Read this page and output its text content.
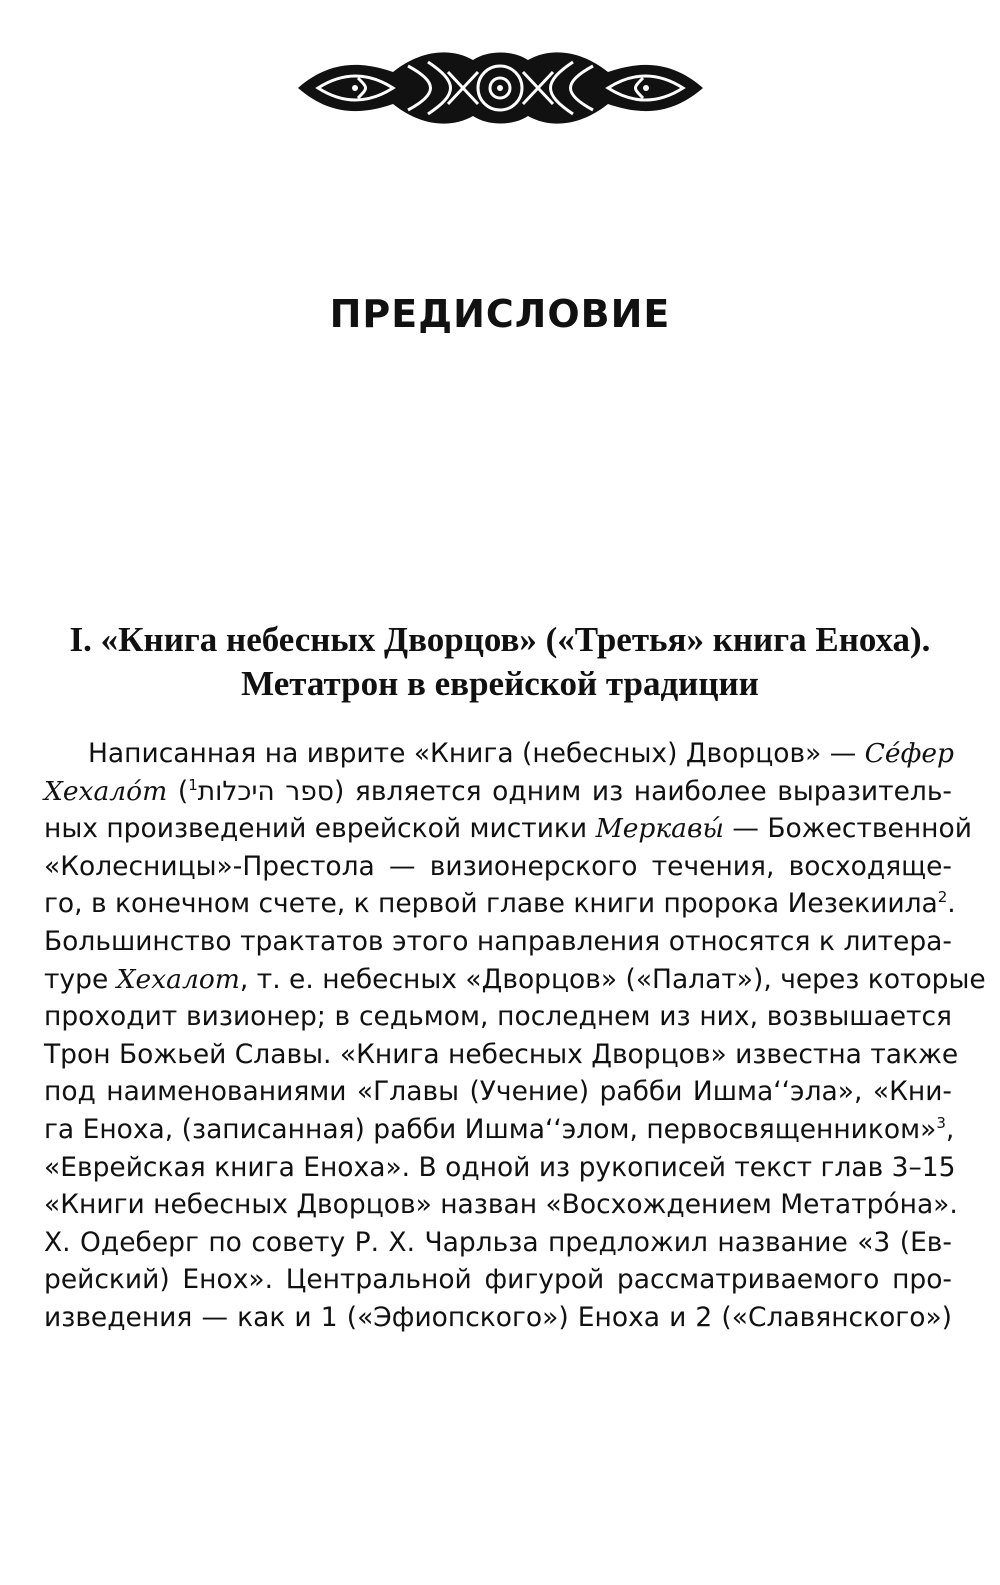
ПРЕДИСЛОВИЕ
I. «Книга небесных Дворцов» («Третья» книга Еноха).
Метатрон в еврейской традиции
Написанная на иврите «Книга (небесных) Дворцов» — Се́фер
Хехало́т ($^1$ספר היכלות) является одним из наиболее выразитель-
ных произведений еврейской мистики Меркавы́ — Божественной
«Колесницы»-Престола — визионерского течения, восходяще-
го, в конечном счете, к первой главе книги пророка Иезекиила$^2$.
Большинство трактатов этого направления относятся к литера-
туре Хехалот, т. е. небесных «Дворцов» («Палат»), через которые
проходит визионер; в седьмом, последнем из них, возвышается
Трон Божьей Славы. «Книга небесных Дворцов» известна также
под наименованиями «Главы (Учение) рабби Ишма‘‘эла», «Кни-
га Еноха, (записанная) рабби Ишма‘‘элом, первосвященником»$^3$,
«Еврейская книга Еноха». В одной из рукописей текст глав 3–15
«Книги небесных Дворцов» назван «Восхождением Метатро́на».
Х. Одеберг по совету Р. Х. Чарльза предложил название «3 (Ев-
рейский) Енох». Центральной фигурой рассматриваемого про-
изведения — как и 1 («Эфиопского») Еноха и 2 («Славянского»)
